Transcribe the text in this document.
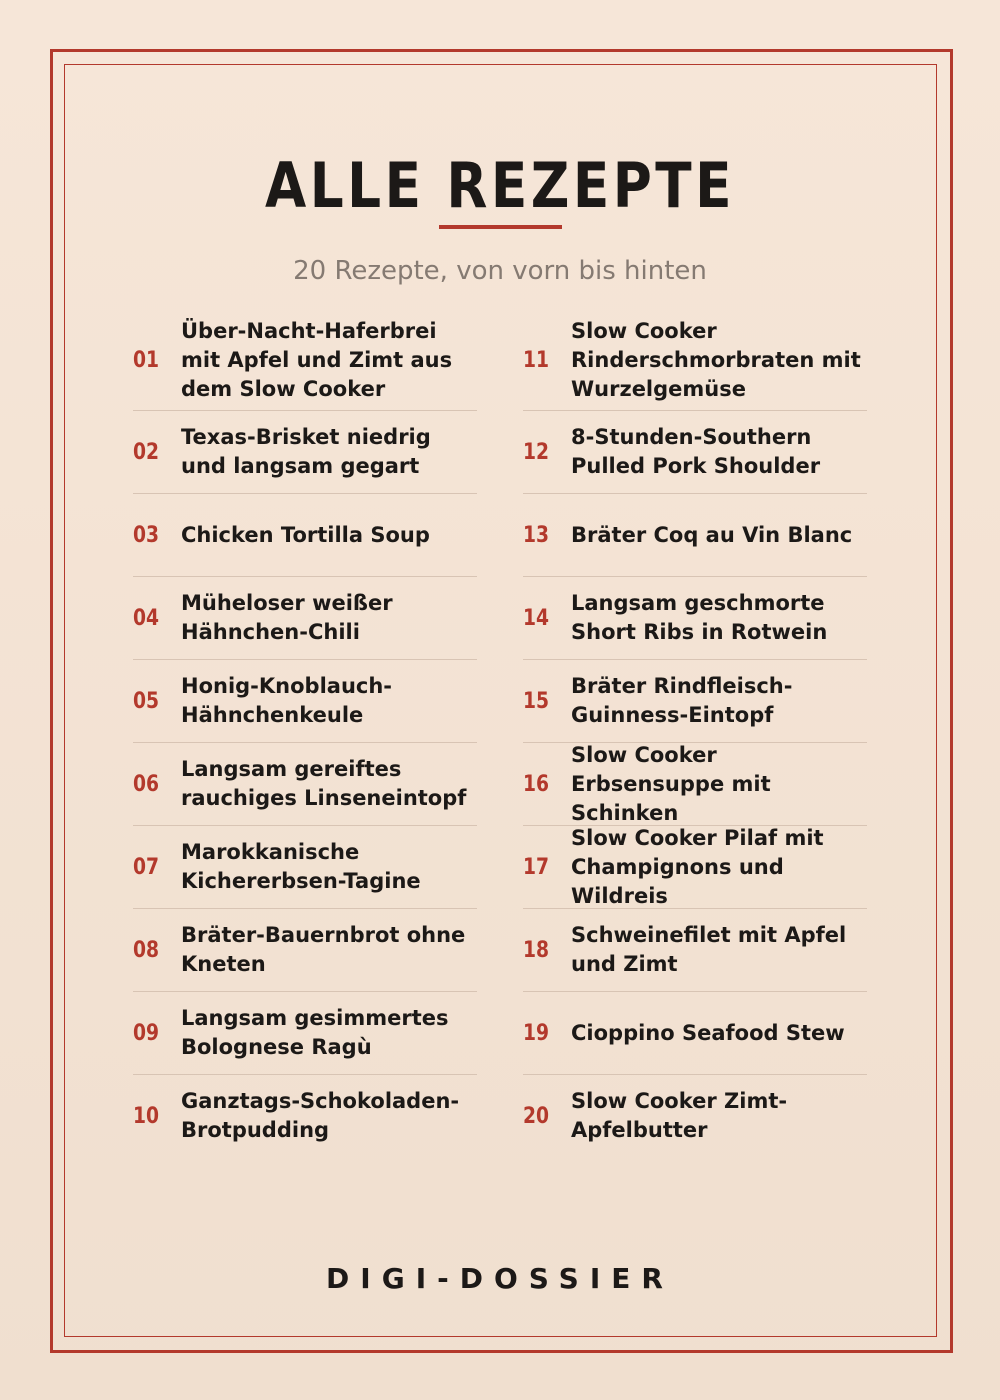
ALLE REZEPTE
20 Rezepte, von vorn bis hinten
01
Über-Nacht-Haferbrei mit Apfel und Zimt aus dem Slow Cooker
02
Texas-Brisket niedrig und langsam gegart
03 Chicken Tortilla Soup
04
Müheloser weißer Hähnchen-Chili
05
Honig-Knoblauch-Hähnchenkeule
06
Langsam gereiftes rauchiges Linseneintopf
07
Marokkanische Kichererbsen-Tagine
08
Bräter-Bauernbrot ohne Kneten
09
Langsam gesimmertes Bolognese Ragù
10
Ganztags-Schokoladen-Brotpudding
11
Slow Cooker Rinderschmorbraten mit Wurzelgemüse
12
8-Stunden-Southern Pulled Pork Shoulder
13 Bräter Coq au Vin Blanc
14
Langsam geschmorte Short Ribs in Rotwein
15
Bräter Rindfleisch-Guinness-Eintopf
16
Slow Cooker Erbsensuppe mit Schinken
17
Slow Cooker Pilaf mit Champignons und Wildreis
18
Schweinefilet mit Apfel und Zimt
19 Cioppino Seafood Stew
20
Slow Cooker Zimt-Apfelbutter
DIGI-DOSSIER
